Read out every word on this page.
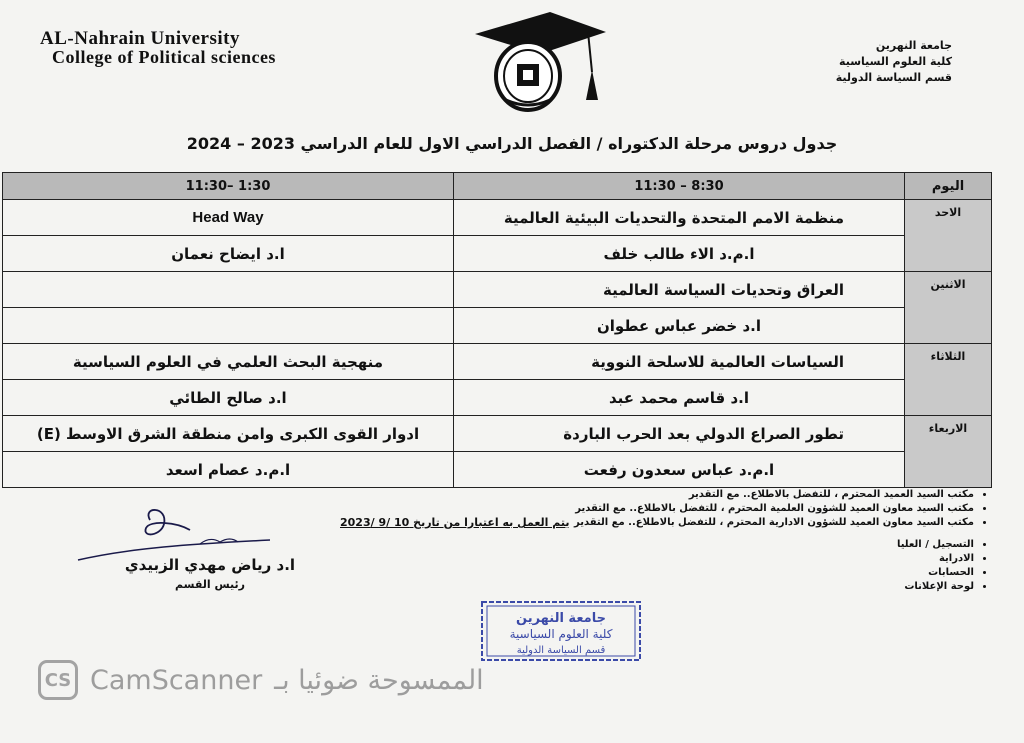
AL-Nahrain University
College of Political sciences
جامعة النهرين
كلية العلوم السياسية
قسم السياسة الدولية
جدول دروس مرحلة الدكتوراه / الفصل الدراسي الاول للعام الدراسي 2023 – 2024
اليوم	8:30 – 11:30	1:30 –11:30
الاحد	منظمة الامم المتحدة والتحديات البيئية العالمية	Head Way
	ا.م.د الاء طالب خلف	ا.د ايضاح نعمان
الاثنين	العراق وتحديات السياسة العالمية	
	ا.د خضر عباس عطوان	
الثلاثاء	السياسات العالمية للاسلحة النووية	منهجية البحث العلمي في العلوم السياسية
	ا.د قاسم محمد عبد	ا.د صالح الطائي
الاربعاء	تطور الصراع الدولي بعد الحرب الباردة	ادوار القوى الكبرى وامن منطقة الشرق الاوسط (E)
	ا.م.د عباس سعدون رفعت	ا.م.د عصام اسعد
• مكتب السيد العميد المحترم ، للتفضل بالاطلاع.. مع التقدير
• مكتب السيد معاون العميد للشؤون العلمية المحترم ، للتفضل بالاطلاع.. مع التقدير
• مكتب السيد معاون العميد للشؤون الادارية المحترم ، للتفضل بالاطلاع.. مع التقدير
• التسجيل / العليا
• الادراية
• الحسابات
• لوحة الإعلانات
يتم العمل به اعتبارا من تاريخ 10 /9 /2023
ا.د رياض مهدي الزبيدي
رئيس القسم
جامعة النهرين
كلية العلوم السياسية
قسم السياسة الدولية
CS CamScanner الممسوحة ضوئيا بـ
